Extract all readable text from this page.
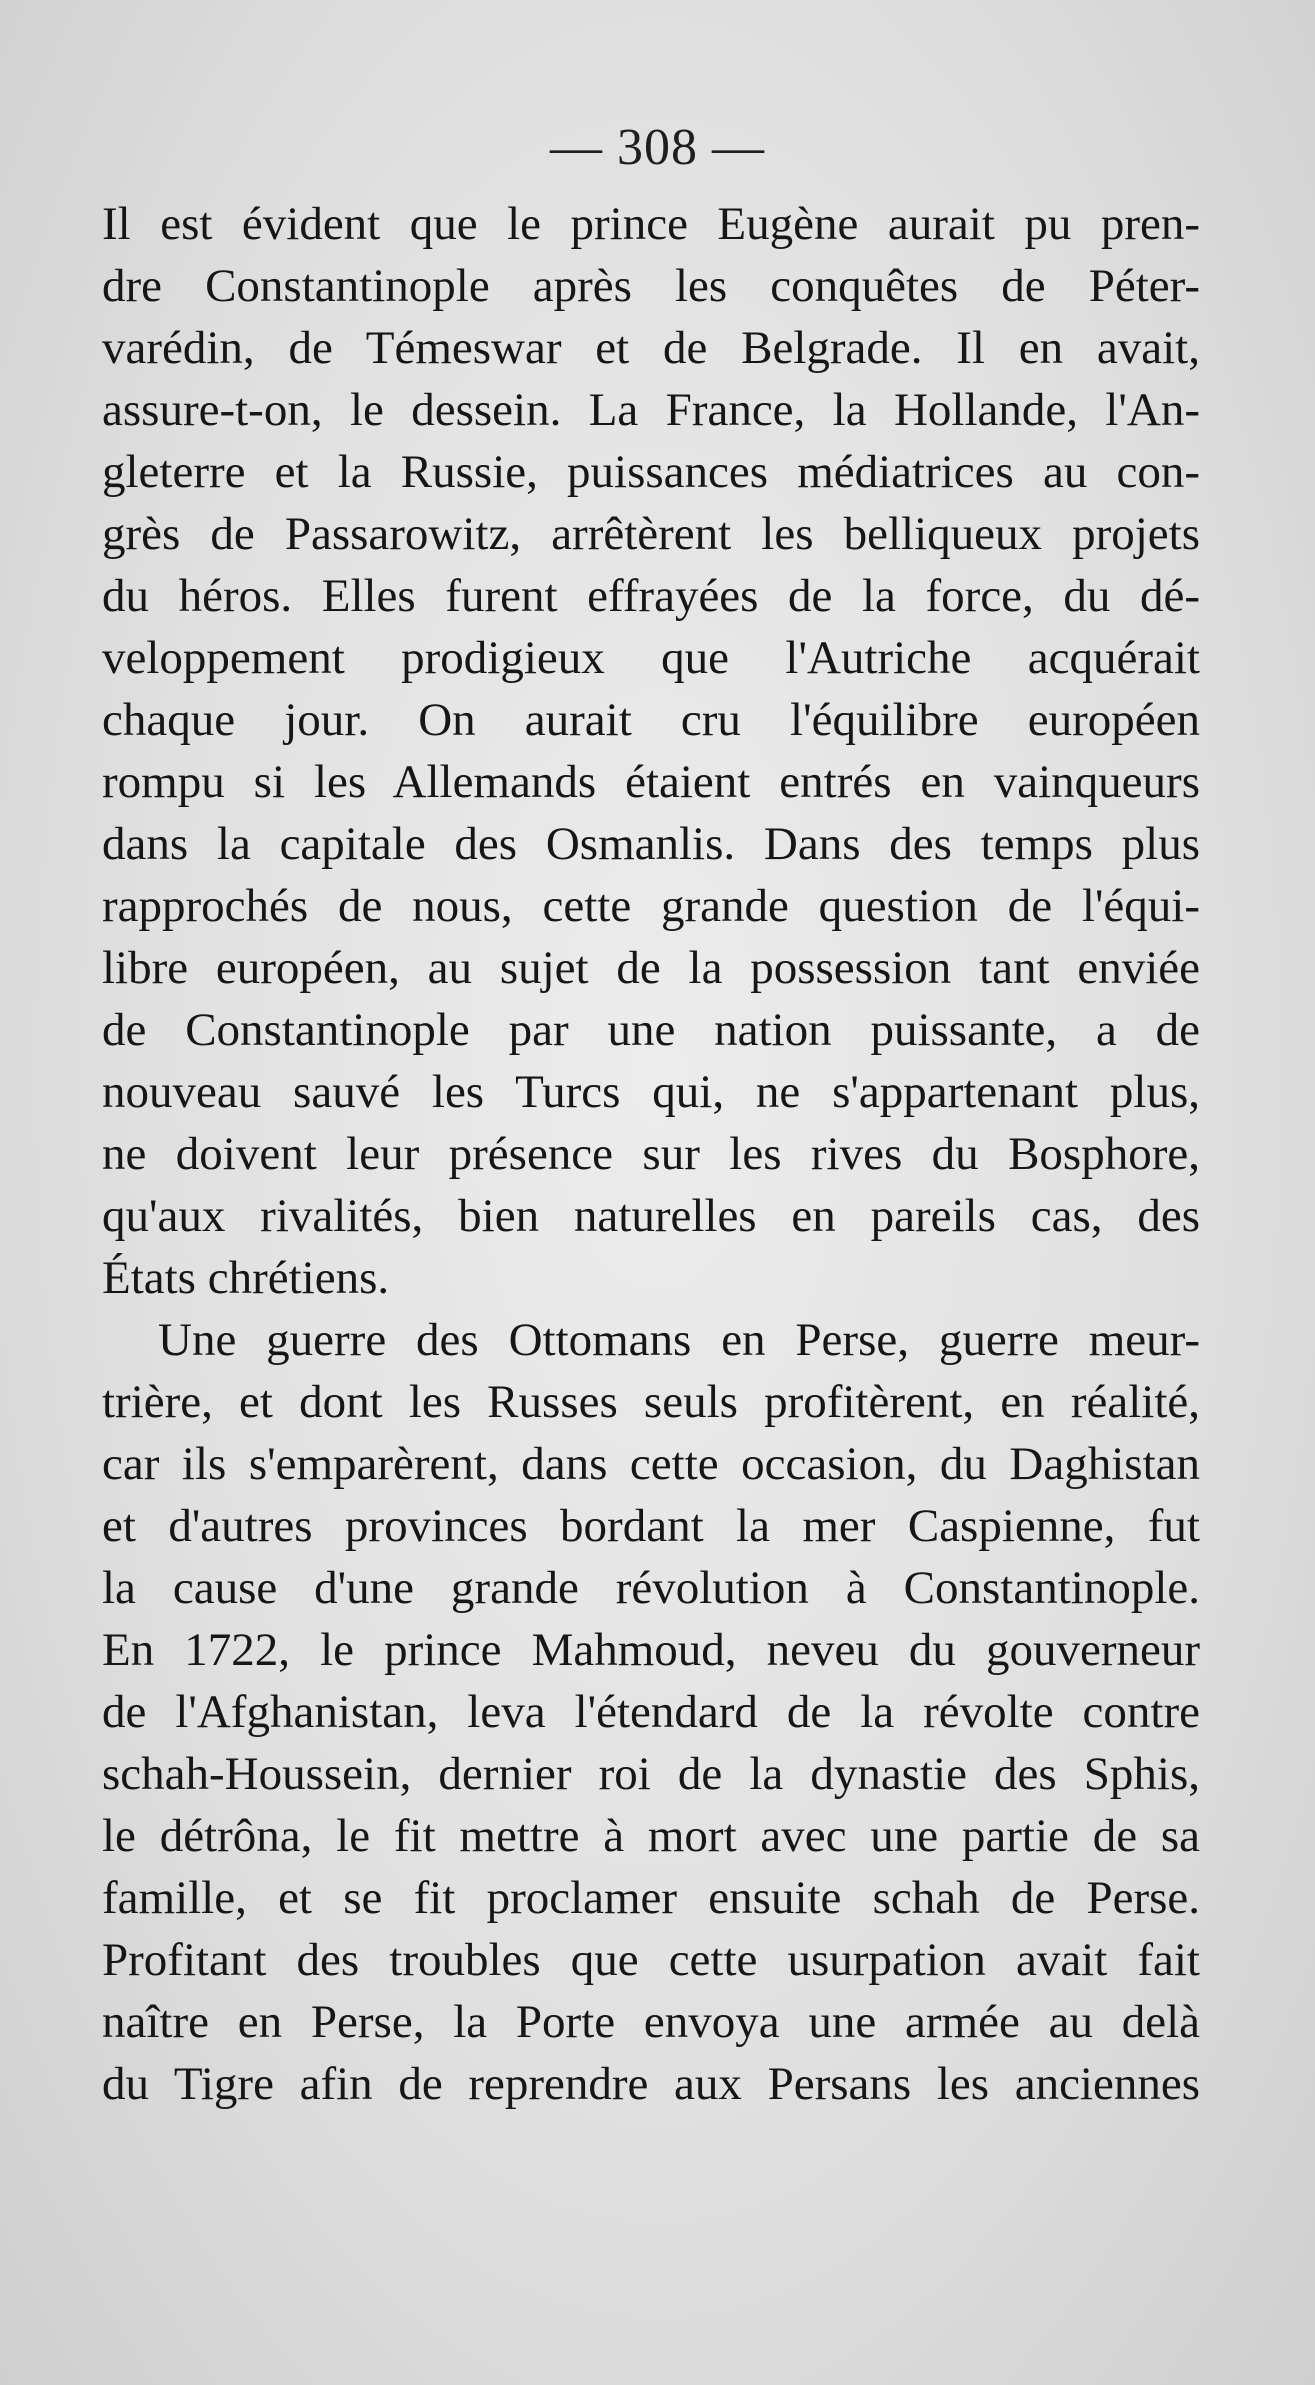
— 308 —
Il est évident que le prince Eugène aurait pu pren-
dre Constantinople après les conquêtes de Péter-
varédin, de Témeswar et de Belgrade. Il en avait,
assure-t-on, le dessein. La France, la Hollande, l'An-
gleterre et la Russie, puissances médiatrices au con-
grès de Passarowitz, arrêtèrent les belliqueux projets
du héros. Elles furent effrayées de la force, du dé-
veloppement prodigieux que l'Autriche acquérait
chaque jour. On aurait cru l'équilibre européen
rompu si les Allemands étaient entrés en vainqueurs
dans la capitale des Osmanlis. Dans des temps plus
rapprochés de nous, cette grande question de l'équi-
libre européen, au sujet de la possession tant enviée
de Constantinople par une nation puissante, a de
nouveau sauvé les Turcs qui, ne s'appartenant plus,
ne doivent leur présence sur les rives du Bosphore,
qu'aux rivalités, bien naturelles en pareils cas, des
États chrétiens.
Une guerre des Ottomans en Perse, guerre meur-
trière, et dont les Russes seuls profitèrent, en réalité,
car ils s'emparèrent, dans cette occasion, du Daghistan
et d'autres provinces bordant la mer Caspienne, fut
la cause d'une grande révolution à Constantinople.
En 1722, le prince Mahmoud, neveu du gouverneur
de l'Afghanistan, leva l'étendard de la révolte contre
schah-Houssein, dernier roi de la dynastie des Sphis,
le détrôna, le fit mettre à mort avec une partie de sa
famille, et se fit proclamer ensuite schah de Perse.
Profitant des troubles que cette usurpation avait fait
naître en Perse, la Porte envoya une armée au delà
du Tigre afin de reprendre aux Persans les anciennes
